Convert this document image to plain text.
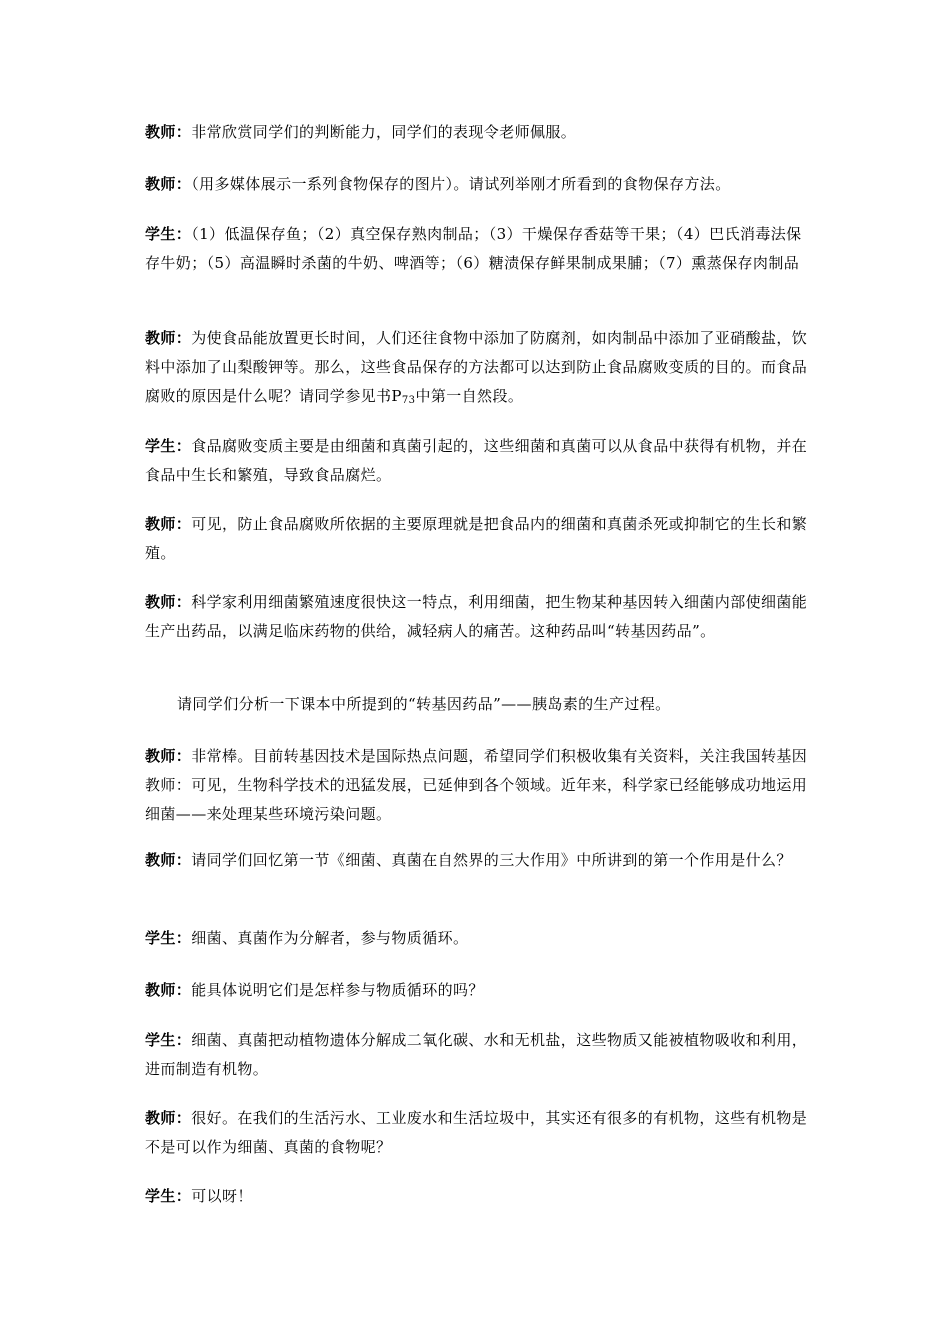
教师：非常欣赏同学们的判断能力，同学们的表现令老师佩服。

教师：（用多媒体展示一系列食物保存的图片）。请试列举刚才所看到的食物保存方法。

学生：（1）低温保存鱼；（2）真空保存熟肉制品；（3）干燥保存香菇等干果；（4）巴氏消毒法保存牛奶；（5）高温瞬时杀菌的牛奶、啤酒等；（6）糖渍保存鲜果制成果脯；（7）熏蒸保存肉制品

教师：为使食品能放置更长时间，人们还往食物中添加了防腐剂，如肉制品中添加了亚硝酸盐，饮料中添加了山梨酸钾等。那么，这些食品保存的方法都可以达到防止食品腐败变质的目的。而食品腐败的原因是什么呢？请同学参见书$P_{73}$中第一自然段。

学生：食品腐败变质主要是由细菌和真菌引起的，这些细菌和真菌可以从食品中获得有机物，并在食品中生长和繁殖，导致食品腐烂。

教师：可见，防止食品腐败所依据的主要原理就是把食品内的细菌和真菌杀死或抑制它的生长和繁殖。

教师：科学家利用细菌繁殖速度很快这一特点，利用细菌，把生物某种基因转入细菌内部使细菌能生产出药品，以满足临床药物的供给，减轻病人的痛苦。这种药品叫“转基因药品”。

请同学们分析一下课本中所提到的“转基因药品”——胰岛素的生产过程。

教师：非常棒。目前转基因技术是国际热点问题，希望同学们积极收集有关资料，关注我国转基因教师：可见，生物科学技术的迅猛发展，已延伸到各个领域。近年来，科学家已经能够成功地运用细菌——来处理某些环境污染问题。

教师：请同学们回忆第一节《细菌、真菌在自然界的三大作用》中所讲到的第一个作用是什么？

学生：细菌、真菌作为分解者，参与物质循环。

教师：能具体说明它们是怎样参与物质循环的吗？

学生：细菌、真菌把动植物遗体分解成二氧化碳、水和无机盐，这些物质又能被植物吸收和利用，进而制造有机物。

教师：很好。在我们的生活污水、工业废水和生活垃圾中，其实还有很多的有机物，这些有机物是不是可以作为细菌、真菌的食物呢？

学生：可以呀！
